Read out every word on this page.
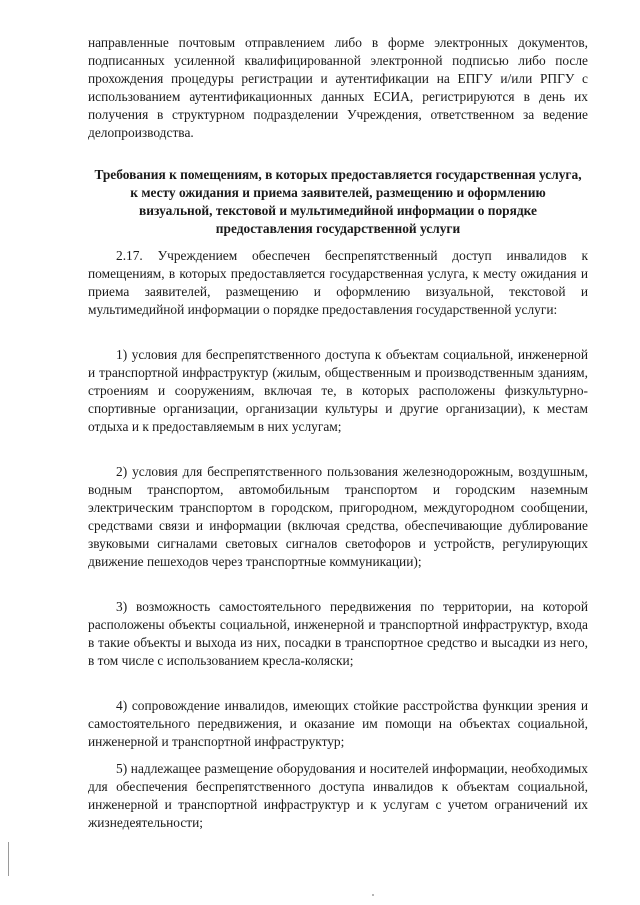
направленные почтовым отправлением либо в форме электронных документов, подписанных усиленной квалифицированной электронной подписью либо после прохождения процедуры регистрации и аутентификации на ЕПГУ и/или РПГУ с использованием аутентификационных данных ЕСИА, регистрируются в день их получения в структурном подразделении Учреждения, ответственном за ведение делопроизводства.

Требования к помещениям, в которых предоставляется государственная услуга, к месту ожидания и приема заявителей, размещению и оформлению визуальной, текстовой и мультимедийной информации о порядке предоставления государственной услуги

2.17. Учреждением обеспечен беспрепятственный доступ инвалидов к помещениям, в которых предоставляется государственная услуга, к месту ожидания и приема заявителей, размещению и оформлению визуальной, текстовой и мультимедийной информации о порядке предоставления государственной услуги:

1) условия для беспрепятственного доступа к объектам социальной, инженерной и транспортной инфраструктур (жилым, общественным и производственным зданиям, строениям и сооружениям, включая те, в которых расположены физкультурно-спортивные организации, организации культуры и другие организации), к местам отдыха и к предоставляемым в них услугам;

2) условия для беспрепятственного пользования железнодорожным, воздушным, водным транспортом, автомобильным транспортом и городским наземным электрическим транспортом в городском, пригородном, междугородном сообщении, средствами связи и информации (включая средства, обеспечивающие дублирование звуковыми сигналами световых сигналов светофоров и устройств, регулирующих движение пешеходов через транспортные коммуникации);

3) возможность самостоятельного передвижения по территории, на которой расположены объекты социальной, инженерной и транспортной инфраструктур, входа в такие объекты и выхода из них, посадки в транспортное средство и высадки из него, в том числе с использованием кресла-коляски;

4) сопровождение инвалидов, имеющих стойкие расстройства функции зрения и самостоятельного передвижения, и оказание им помощи на объектах социальной, инженерной и транспортной инфраструктур;

5) надлежащее размещение оборудования и носителей информации, необходимых для обеспечения беспрепятственного доступа инвалидов к объектам социальной, инженерной и транспортной инфраструктур и к услугам с учетом ограничений их жизнедеятельности;
